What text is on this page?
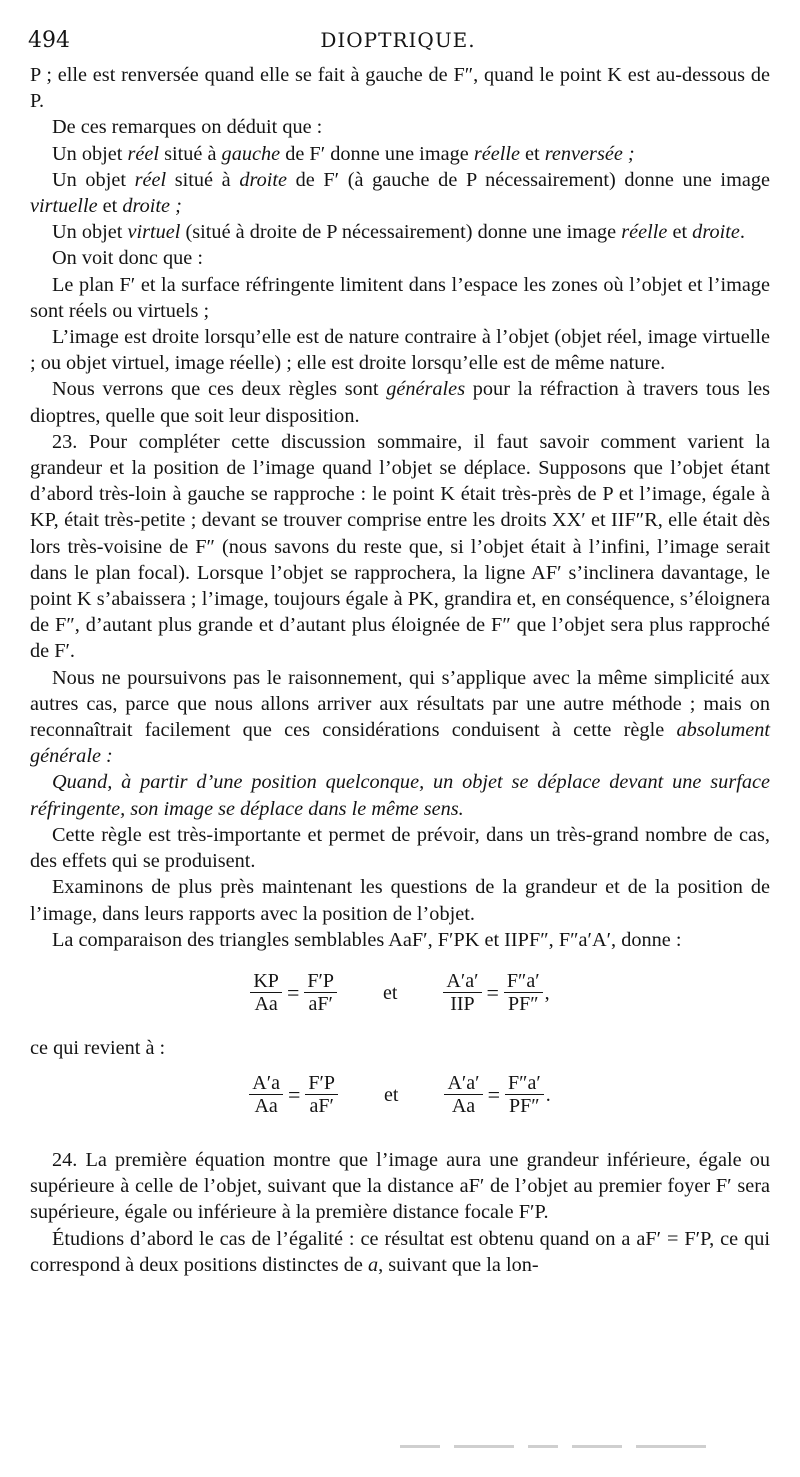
494	DIOPTRIQUE.

P ; elle est renversée quand elle se fait à gauche de F″, quand le point K est au-dessous de P.

De ces remarques on déduit que :

Un objet réel situé à gauche de F′ donne une image réelle et renversée ;

Un objet réel situé à droite de F′ (à gauche de P nécessairement) donne une image virtuelle et droite ;

Un objet virtuel (situé à droite de P nécessairement) donne une image réelle et droite.

On voit donc que :

Le plan F′ et la surface réfringente limitent dans l’espace les zones où l’objet et l’image sont réels ou virtuels ;

L’image est droite lorsqu’elle est de nature contraire à l’objet (objet réel, image virtuelle ; ou objet virtuel, image réelle) ; elle est droite lorsqu’elle est de même nature.

Nous verrons que ces deux règles sont générales pour la réfraction à travers tous les dioptres, quelle que soit leur disposition.

23. Pour compléter cette discussion sommaire, il faut savoir comment varient la grandeur et la position de l’image quand l’objet se déplace. Supposons que l’objet étant d’abord très-loin à gauche se rapproche : le point K était très-près de P et l’image, égale à KP, était très-petite ; devant se trouver comprise entre les droits XX′ et IIF″R, elle était dès lors très-voisine de F″ (nous savons du reste que, si l’objet était à l’infini, l’image serait dans le plan focal). Lorsque l’objet se rapprochera, la ligne AF′ s’inclinera davantage, le point K s’abaissera ; l’image, toujours égale à PK, grandira et, en conséquence, s’éloignera de F″, d’autant plus grande et d’autant plus éloignée de F″ que l’objet sera plus rapproché de F′.

Nous ne poursuivons pas le raisonnement, qui s’applique avec la même simplicité aux autres cas, parce que nous allons arriver aux résultats par une autre méthode ; mais on reconnaîtrait facilement que ces considérations conduisent à cette règle absolument générale :

Quand, à partir d’une position quelconque, un objet se déplace devant une surface réfringente, son image se déplace dans le même sens.

Cette règle est très-importante et permet de prévoir, dans un très-grand nombre de cas, des effets qui se produisent.

Examinons de plus près maintenant les questions de la grandeur et de la position de l’image, dans leurs rapports avec la position de l’objet.

La comparaison des triangles semblables AaF′, F′PK et IIPF″, F″a′A′, donne :

$\frac{KP}{Aa} = \frac{F'P}{aF'}$ et $\frac{A'a'}{\text{IIP}} = \frac{F''a'}{PF''}$ ,

ce qui revient à :

$\frac{A'a}{Aa} = \frac{F'P}{aF'}$ et $\frac{A'a'}{Aa} = \frac{F''a'}{PF''}$ .

24. La première équation montre que l’image aura une grandeur inférieure, égale ou supérieure à celle de l’objet, suivant que la distance aF′ de l’objet au premier foyer F′ sera supérieure, égale ou inférieure à la première distance focale F′P.

Étudions d’abord le cas de l’égalité : ce résultat est obtenu quand on a aF′ = F′P, ce qui correspond à deux positions distinctes de a, suivant que la lon-
